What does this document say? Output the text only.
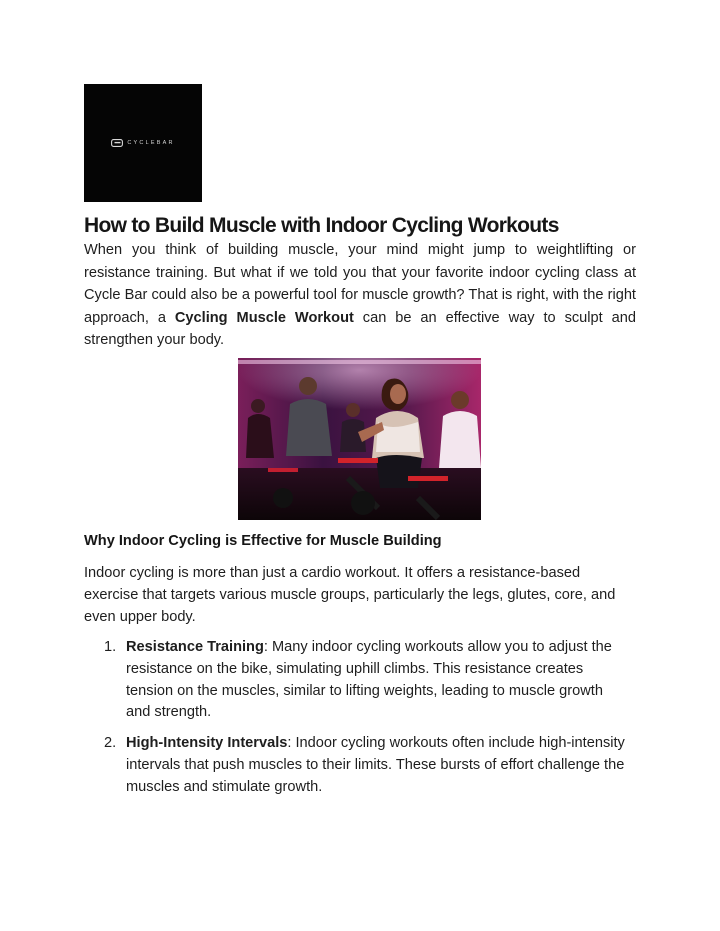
CYCLEBAR
How to Build Muscle with Indoor Cycling Workouts

When you think of building muscle, your mind might jump to weightlifting or resistance training. But what if we told you that your favorite indoor cycling class at Cycle Bar could also be a powerful tool for muscle growth? That is right, with the right approach, a Cycling Muscle Workout can be an effective way to sculpt and strengthen your body.

Why Indoor Cycling is Effective for Muscle Building

Indoor cycling is more than just a cardio workout. It offers a resistance-based exercise that targets various muscle groups, particularly the legs, glutes, core, and even upper body.

1. Resistance Training: Many indoor cycling workouts allow you to adjust the resistance on the bike, simulating uphill climbs. This resistance creates tension on the muscles, similar to lifting weights, leading to muscle growth and strength.
2. High-Intensity Intervals: Indoor cycling workouts often include high-intensity intervals that push muscles to their limits. These bursts of effort challenge the muscles and stimulate growth.
